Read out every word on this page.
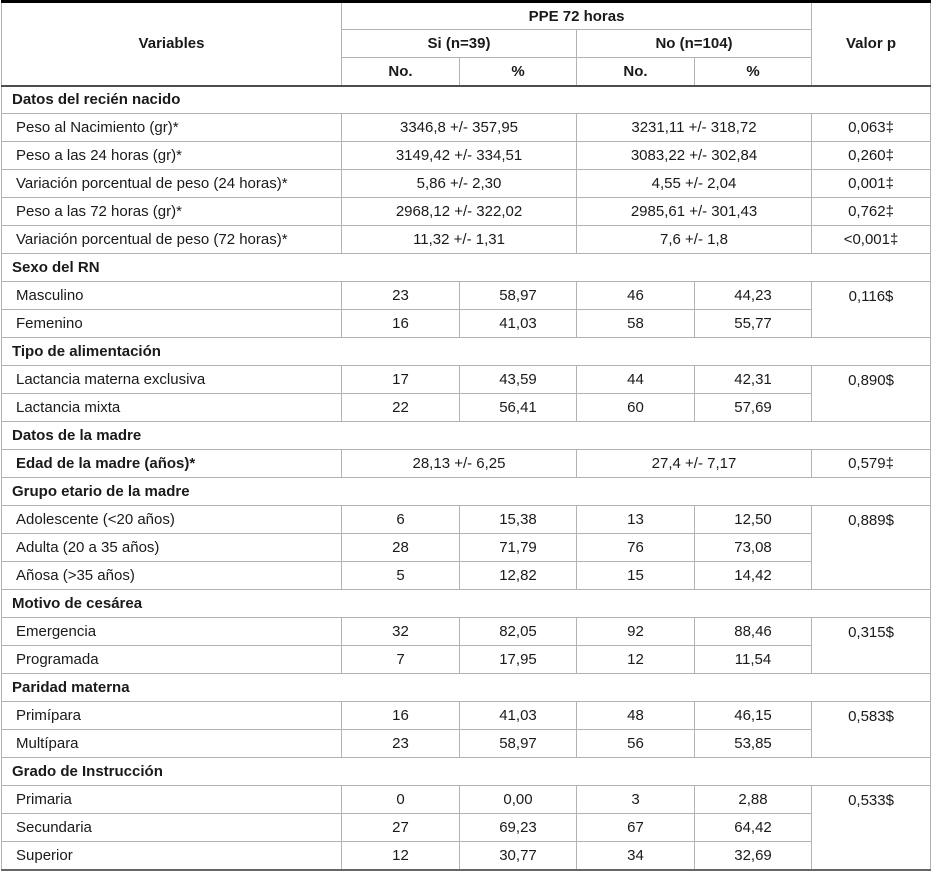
Variables	PPE 72 horas				Valor p
	Si (n=39)		No (n=104)		
	No.	%	No.	%	
Datos del recién nacido					
Peso al Nacimiento (gr)*	3346,8 +/- 357,95		3231,11 +/- 318,72		0,063‡
Peso a las 24 horas (gr)*	3149,42 +/- 334,51		3083,22 +/- 302,84		0,260‡
Variación porcentual de peso (24 horas)*	5,86 +/- 2,30		4,55 +/- 2,04		0,001‡
Peso a las 72 horas (gr)*	2968,12 +/- 322,02		2985,61 +/- 301,43		0,762‡
Variación porcentual de peso (72 horas)*	11,32 +/- 1,31		7,6 +/- 1,8		<0,001‡
Sexo del RN					
Masculino	23	58,97	46	44,23	0,116$
Femenino	16	41,03	58	55,77	
Tipo de alimentación					
Lactancia materna exclusiva	17	43,59	44	42,31	0,890$
Lactancia mixta	22	56,41	60	57,69	
Datos de la madre					
Edad de la madre (años)*	28,13 +/- 6,25		27,4 +/- 7,17		0,579‡
Grupo etario de la madre					
Adolescente (<20 años)	6	15,38	13	12,50	0,889$
Adulta (20 a 35 años)	28	71,79	76	73,08	
Añosa (>35 años)	5	12,82	15	14,42	
Motivo de cesárea					
Emergencia	32	82,05	92	88,46	0,315$
Programada	7	17,95	12	11,54	
Paridad materna					
Primípara	16	41,03	48	46,15	0,583$
Multípara	23	58,97	56	53,85	
Grado de Instrucción					
Primaria	0	0,00	3	2,88	0,533$
Secundaria	27	69,23	67	64,42	
Superior	12	30,77	34	32,69	
